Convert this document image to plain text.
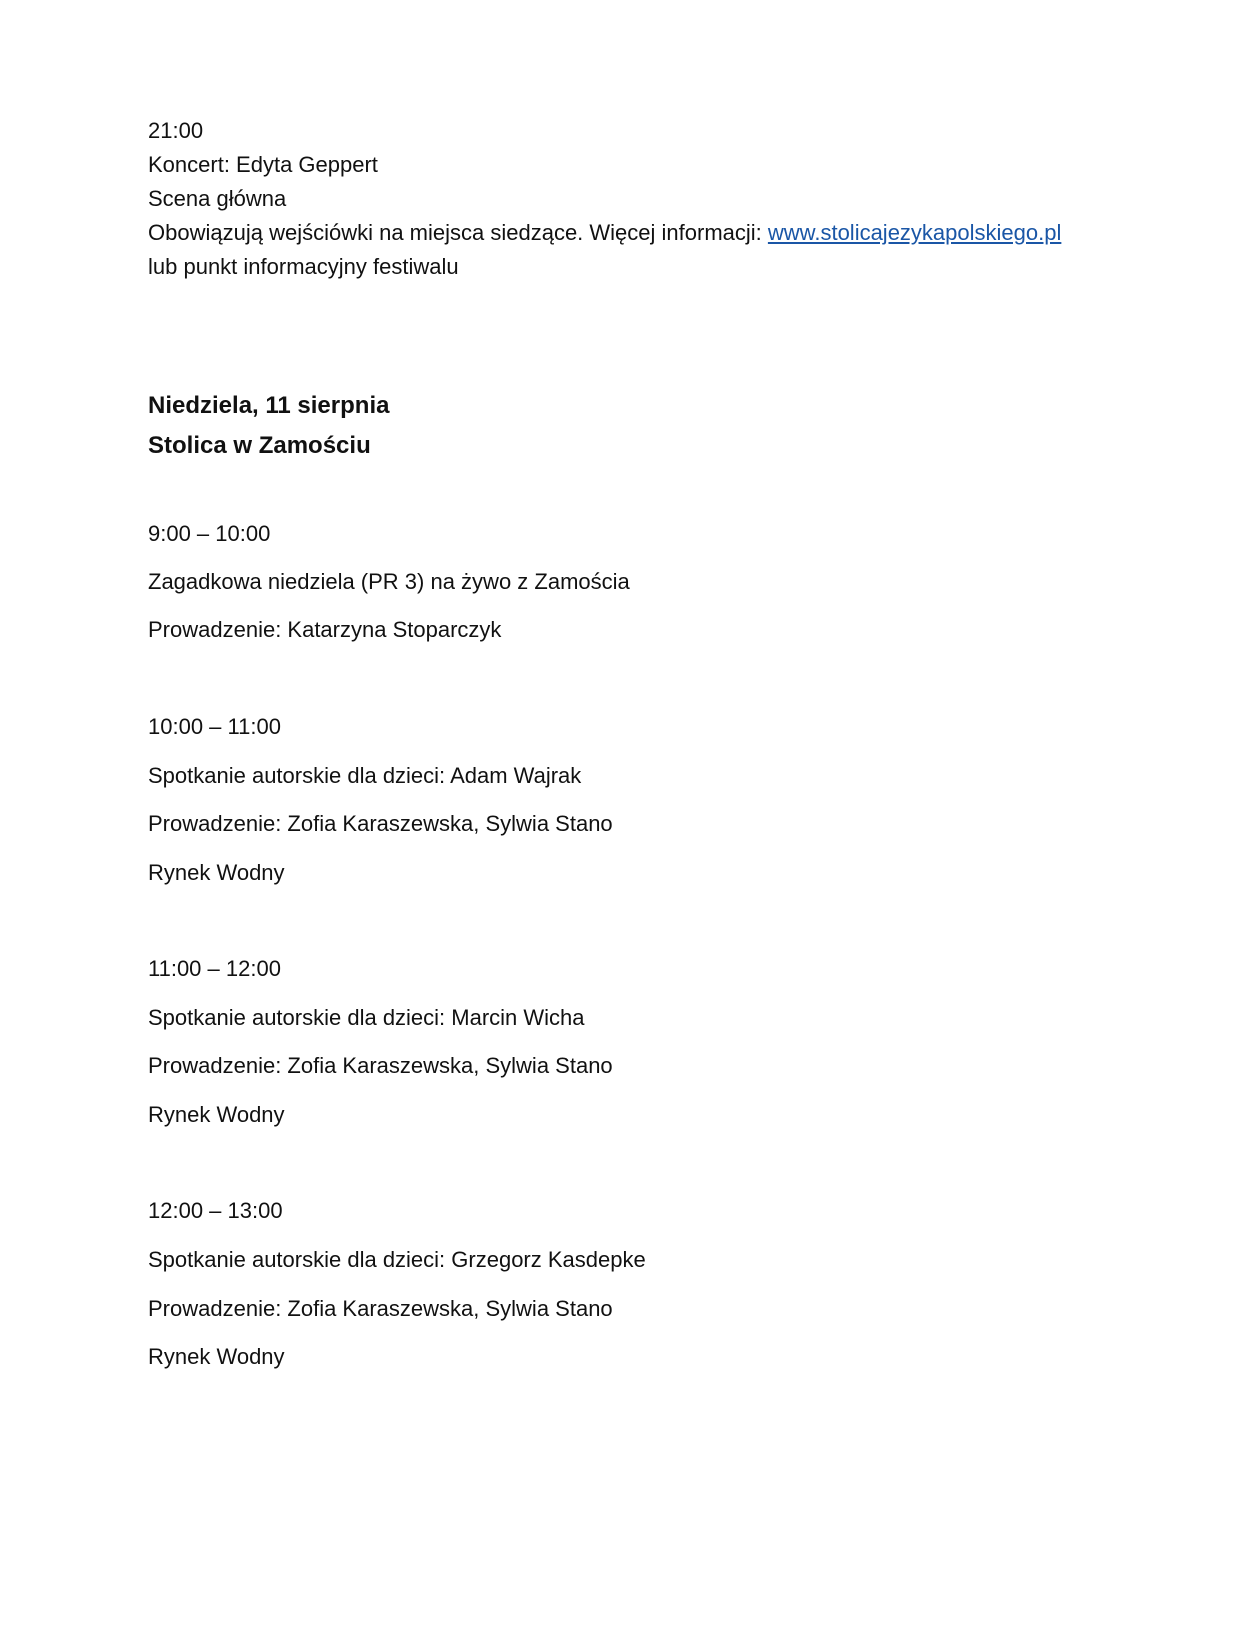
21:00
Koncert: Edyta Geppert
Scena główna
Obowiązują wejściówki na miejsca siedzące. Więcej informacji: www.stolicajezykapolskiego.pl
lub punkt informacyjny festiwalu
Niedziela, 11 sierpnia
Stolica w Zamościu
9:00 – 10:00
Zagadkowa niedziela (PR 3) na żywo z Zamościa
Prowadzenie: Katarzyna Stoparczyk
10:00 – 11:00
Spotkanie autorskie dla dzieci: Adam Wajrak
Prowadzenie: Zofia Karaszewska, Sylwia Stano
Rynek Wodny
11:00 – 12:00
Spotkanie autorskie dla dzieci: Marcin Wicha
Prowadzenie: Zofia Karaszewska, Sylwia Stano
Rynek Wodny
12:00 – 13:00
Spotkanie autorskie dla dzieci: Grzegorz Kasdepke
Prowadzenie: Zofia Karaszewska, Sylwia Stano
Rynek Wodny
